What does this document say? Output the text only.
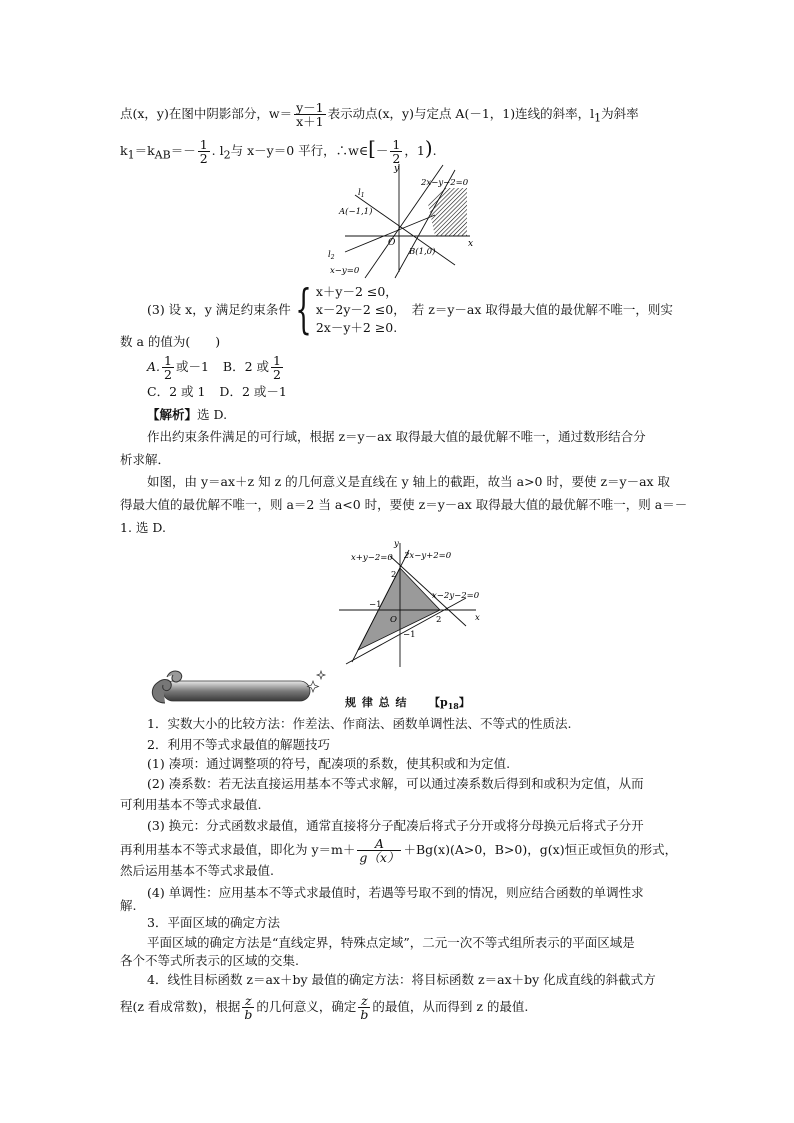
点(x，y)在图中阴影部分，$w= \frac{y-1}{x+1}$ 表示动点(x，y)与定点 A(－1，1)连线的斜率，$l_1$为斜率
$k_1=k_{AB}=- \frac{1}{2}$ . $l_2$与 x－y＝0 平行，∴w∈[－ $\frac{1}{2}$ ，1).
y
x
O
A(−1,1)
B(1,0)
$l_1$
$l_2$
2x−y−2=0
x−y=0
(3) 设 x，y 满足约束条件{ x＋y－2 ≤0，
x－2y－2 ≤0，
2x－y＋2 ≥0.
若 z＝y－ax 取得最大值的最优解不唯一，则实
数 a 的值为(　　)
A. $\frac{1}{2}$ 或－1 B．2 或 $\frac{1}{2}$
C．2 或 1 D．2 或－1
【解析】选 D.
作出约束条件满足的可行域，根据 z＝y－ax 取得最大值的最优解不唯一，通过数形结合分
析求解．
如图，由 y＝ax＋z 知 z 的几何意义是直线在 y 轴上的截距，故当 a>0 时，要使 z＝y－ax 取
得最大值的最优解不唯一，则 a＝2 当 a<0 时，要使 z＝y－ax 取得最大值的最优解不唯一，则 a＝－
1. 选 D.
y
x
O
x+y−2=0 2x−y+2=0
x−2y−2=0
2
−1
2
−1
规 律 总 结 【$p_{18}$】
1．实数大小的比较方法：作差法、作商法、函数单调性法、不等式的性质法.
2．利用不等式求最值的解题技巧
(1) 凑项：通过调整项的符号，配凑项的系数，使其积或和为定值.
(2) 凑系数：若无法直接运用基本不等式求解，可以通过凑系数后得到和或积为定值，从而
可利用基本不等式求最值.
(3) 换元：分式函数求最值，通常直接将分子配凑后将式子分开或将分母换元后将式子分开
再利用基本不等式求最值，即化为 $y=m+ \frac{A}{g(x)} +Bg(x)(A>0$，B>0)，g(x)恒正或恒负的形式，
然后运用基本不等式求最值.
(4) 单调性：应用基本不等式求最值时，若遇等号取不到的情况，则应结合函数的单调性求
解.
3．平面区域的确定方法
平面区域的确定方法是“直线定界，特殊点定域”，二元一次不等式组所表示的平面区域是
各个不等式所表示的区域的交集.
4．线性目标函数 z＝ax＋by 最值的确定方法：将目标函数 z＝ax＋by 化成直线的斜截式方
程(z 看成常数)，根据 $\frac{z}{b}$ 的几何意义，确定 $\frac{z}{b}$ 的最值，从而得到 z 的最值.
